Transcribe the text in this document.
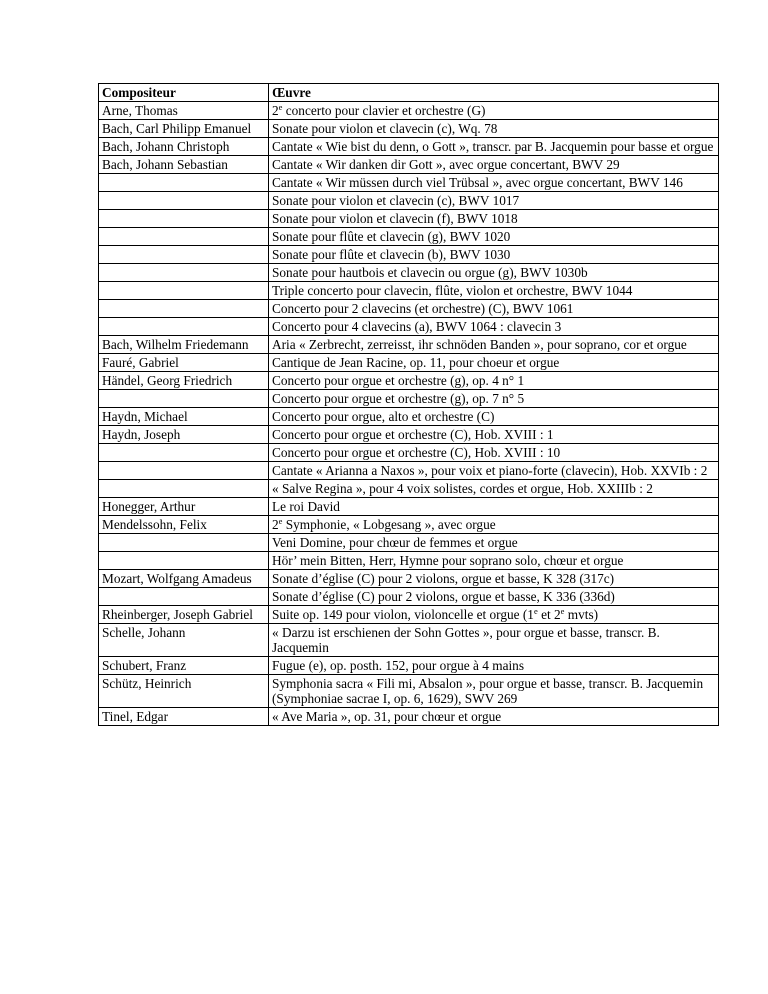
Compositeur	Œuvre
Arne, Thomas	2e concerto pour clavier et orchestre (G)
Bach, Carl Philipp Emanuel	Sonate pour violon et clavecin (c), Wq. 78
Bach, Johann Christoph	Cantate « Wie bist du denn, o Gott », transcr. par B. Jacquemin pour basse et orgue
Bach, Johann Sebastian	Cantate « Wir danken dir Gott », avec orgue concertant, BWV 29
	Cantate « Wir müssen durch viel Trübsal », avec orgue concertant, BWV 146
	Sonate pour violon et clavecin (c), BWV 1017
	Sonate pour violon et clavecin (f), BWV 1018
	Sonate pour flûte et clavecin (g), BWV 1020
	Sonate pour flûte et clavecin (b), BWV 1030
	Sonate pour hautbois et clavecin ou orgue (g), BWV 1030b
	Triple concerto pour clavecin, flûte, violon et orchestre, BWV 1044
	Concerto pour 2 clavecins (et orchestre) (C), BWV 1061
	Concerto pour 4 clavecins (a), BWV 1064 : clavecin 3
Bach, Wilhelm Friedemann	Aria « Zerbrecht, zerreisst, ihr schnöden Banden », pour soprano, cor et orgue
Fauré, Gabriel	Cantique de Jean Racine, op. 11, pour choeur et orgue
Händel, Georg Friedrich	Concerto pour orgue et orchestre (g), op. 4 n° 1
	Concerto pour orgue et orchestre (g), op. 7 n° 5
Haydn, Michael	Concerto pour orgue, alto et orchestre (C)
Haydn, Joseph	Concerto pour orgue et orchestre (C), Hob. XVIII : 1
	Concerto pour orgue et orchestre (C), Hob. XVIII : 10
	Cantate « Arianna a Naxos », pour voix et piano-forte (clavecin), Hob. XXVIb : 2
	« Salve Regina », pour 4 voix solistes, cordes et orgue, Hob. XXIIIb : 2
Honegger, Arthur	Le roi David
Mendelssohn, Felix	2e Symphonie, « Lobgesang », avec orgue
	Veni Domine, pour chœur de femmes et orgue
	Hör’ mein Bitten, Herr, Hymne pour soprano solo, chœur et orgue
Mozart, Wolfgang Amadeus	Sonate d’église (C) pour 2 violons, orgue et basse, K 328 (317c)
	Sonate d’église (C) pour 2 violons, orgue et basse, K 336 (336d)
Rheinberger, Joseph Gabriel	Suite op. 149 pour violon, violoncelle et orgue (1e et 2e mvts)
Schelle, Johann	« Darzu ist erschienen der Sohn Gottes », pour orgue et basse, transcr. B. Jacquemin
Schubert, Franz	Fugue (e), op. posth. 152, pour orgue à 4 mains
Schütz, Heinrich	Symphonia sacra « Fili mi, Absalon », pour orgue et basse, transcr. B. Jacquemin (Symphoniae sacrae I, op. 6, 1629), SWV 269
Tinel, Edgar	« Ave Maria », op. 31, pour chœur et orgue
